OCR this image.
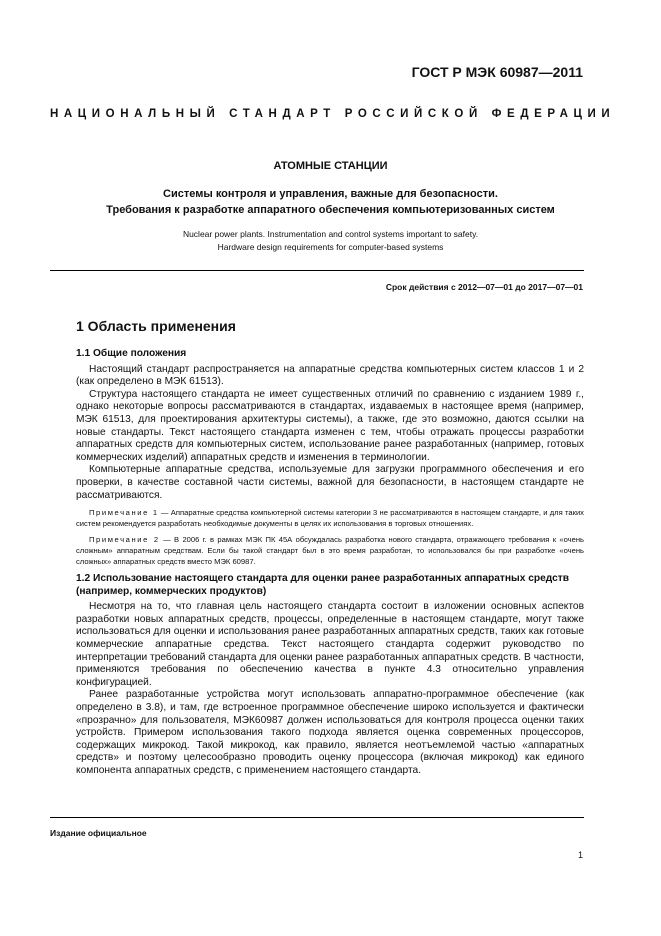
ГОСТ Р МЭК 60987—2011
НАЦИОНАЛЬНЫЙ СТАНДАРТ РОССИЙСКОЙ ФЕДЕРАЦИИ
АТОМНЫЕ СТАНЦИИ
Системы контроля и управления, важные для безопасности.
Требования к разработке аппаратного обеспечения компьютеризованных систем
Nuclear power plants. Instrumentation and control systems important to safety.
Hardware design requirements for computer-based systems
Срок действия с 2012—07—01 до 2017—07—01
1 Область применения
1.1 Общие положения

Настоящий стандарт распространяется на аппаратные средства компьютерных систем классов 1 и 2 (как определено в МЭК 61513).

Структура настоящего стандарта не имеет существенных отличий по сравнению с изданием 1989 г., однако некоторые вопросы рассматриваются в стандартах, издаваемых в настоящее время (например, МЭК 61513, для проектирования архитектуры системы), а также, где это возможно, даются ссылки на новые стандарты. Текст настоящего стандарта изменен с тем, чтобы отражать процессы разработки аппаратных средств для компьютерных систем, использование ранее разработанных (например, готовых коммерческих изделий) аппаратных средств и изменения в терминологии.

Компьютерные аппаратные средства, используемые для загрузки программного обеспечения и его проверки, в качестве составной части системы, важной для безопасности, в настоящем стандарте не рассматриваются.

Примечание 1 — Аппаратные средства компьютерной системы категории 3 не рассматриваются в настоящем стандарте, и для таких систем рекомендуется разработать необходимые документы в целях их использования в торговых отношениях.

Примечание 2 — В 2006 г. в рамках МЭК ПК 45А обсуждалась разработка нового стандарта, отражающего требования к «очень сложным» аппаратным средствам. Если бы такой стандарт был в это время разработан, то использовался бы при разработке «очень сложных» аппаратных средств вместо МЭК 60987.

1.2 Использование настоящего стандарта для оценки ранее разработанных аппаратных средств (например, коммерческих продуктов)

Несмотря на то, что главная цель настоящего стандарта состоит в изложении основных аспектов разработки новых аппаратных средств, процессы, определенные в настоящем стандарте, могут также использоваться для оценки и использования ранее разработанных аппаратных средств, таких как готовые коммерческие аппаратные средства. Текст настоящего стандарта содержит руководство по интерпретации требований стандарта для оценки ранее разработанных аппаратных средств. В частности, применяются требования по обеспечению качества в пункте 4.3 относительно управления конфигурацией.

Ранее разработанные устройства могут использовать аппаратно-программное обеспечение (как определено в 3.8), и там, где встроенное программное обеспечение широко используется и фактически «прозрачно» для пользователя, МЭК60987 должен использоваться для контроля процесса оценки таких устройств. Примером использования такого подхода является оценка современных процессоров, содержащих микрокод. Такой микрокод, как правило, является неотъемлемой частью «аппаратных средств» и поэтому целесообразно проводить оценку процессора (включая микрокод) как единого компонента аппаратных средств, с применением настоящего стандарта.

Издание официальное
1
